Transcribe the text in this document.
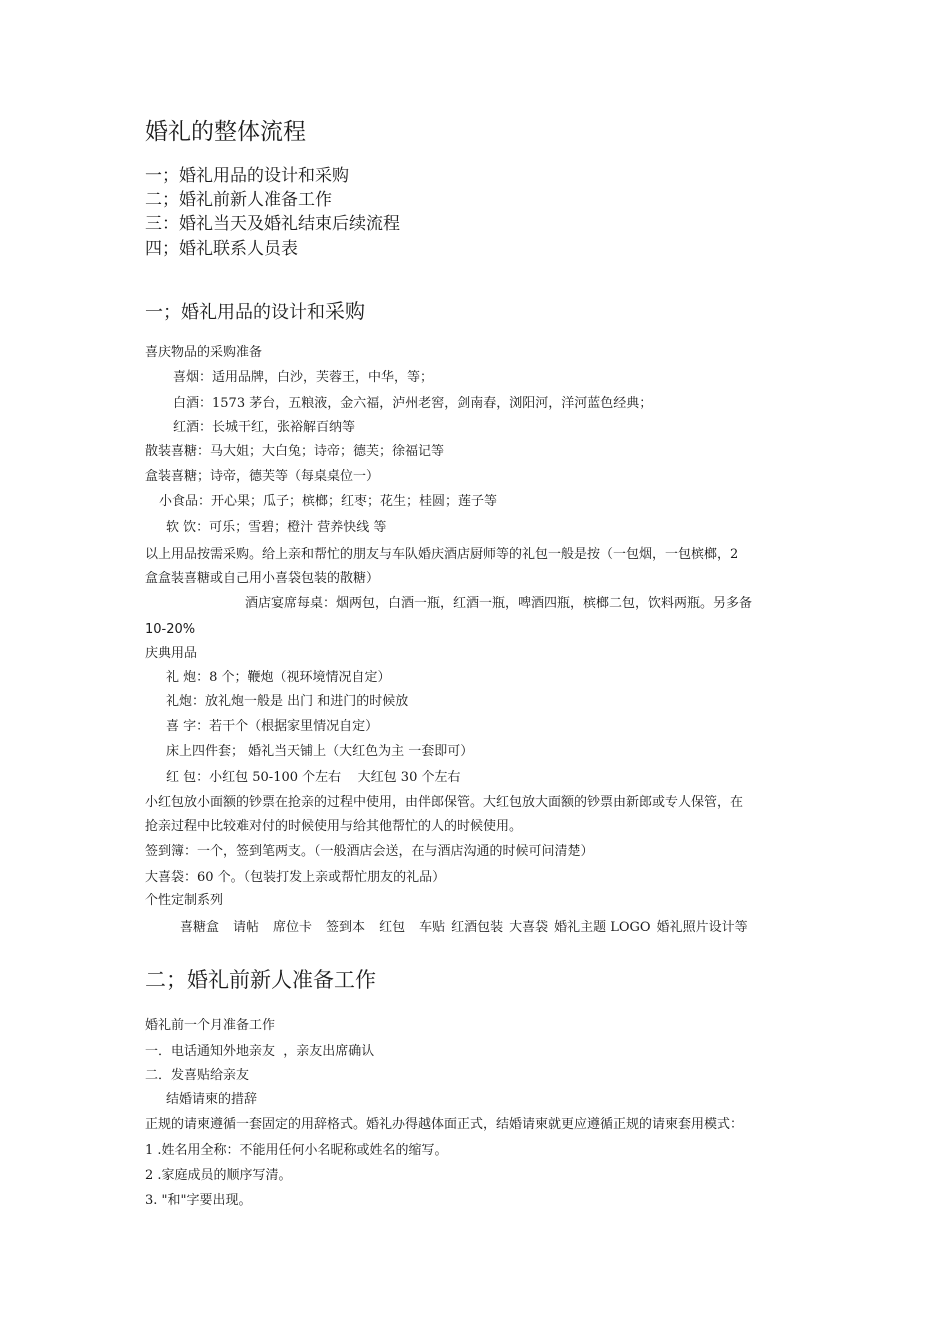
婚礼的整体流程
一；婚礼用品的设计和采购
二；婚礼前新人准备工作
三：婚礼当天及婚礼结束后续流程
四；婚礼联系人员表
一；婚礼用品的设计和采购
喜庆物品的采购准备
喜烟：适用品牌，白沙，芙蓉王，中华，等；
白酒：1573 茅台，五粮液，金六福，泸州老窖，剑南春，浏阳河，洋河蓝色经典；
红酒：长城干红，张裕解百纳等
散装喜糖：马大姐；大白兔；诗帝；德芙；徐福记等
盒装喜糖；诗帝，德芙等（每桌桌位一）
小食品：开心果；瓜子；槟榔；红枣；花生；桂圆；莲子等
软 饮：可乐；雪碧；橙汁 营养快线 等
以上用品按需采购。给上亲和帮忙的朋友与车队婚庆酒店厨师等的礼包一般是按（一包烟，一包槟榔，2
盒盒装喜糖或自己用小喜袋包装的散糖）
酒店宴席每桌：烟两包，白酒一瓶，红酒一瓶，啤酒四瓶，槟榔二包，饮料两瓶。另多备
10-20%
庆典用品
礼 炮：8 个；鞭炮（视环境情况自定）
礼炮：放礼炮一般是 出门 和进门的时候放
喜 字：若干个（根据家里情况自定）
床上四件套； 婚礼当天铺上（大红色为主 一套即可）
红 包：小红包 50-100 个左右    大红包 30 个左右
小红包放小面额的钞票在抢亲的过程中使用，由伴郎保管。大红包放大面额的钞票由新郎或专人保管，在
抢亲过程中比较难对付的时候使用与给其他帮忙的人的时候使用。
签到簿：一个，签到笔两支。（一般酒店会送，在与酒店沟通的时候可问清楚）
大喜袋：60 个。（包装打发上亲或帮忙朋友的礼品）
个性定制系列
喜糖盒 请帖 席位卡 签到本 红包 车贴 红酒包装 大喜袋 婚礼主题 LOGO 婚礼照片设计等
二；婚礼前新人准备工作
婚礼前一个月准备工作
一．电话通知外地亲友  ，亲友出席确认
二．发喜贴给亲友
结婚请柬的措辞
正规的请柬遵循一套固定的用辞格式。婚礼办得越体面正式，结婚请柬就更应遵循正规的请柬套用模式：
1 .姓名用全称：不能用任何小名昵称或姓名的缩写。
2 .家庭成员的顺序写清。
3. "和"字要出现。
